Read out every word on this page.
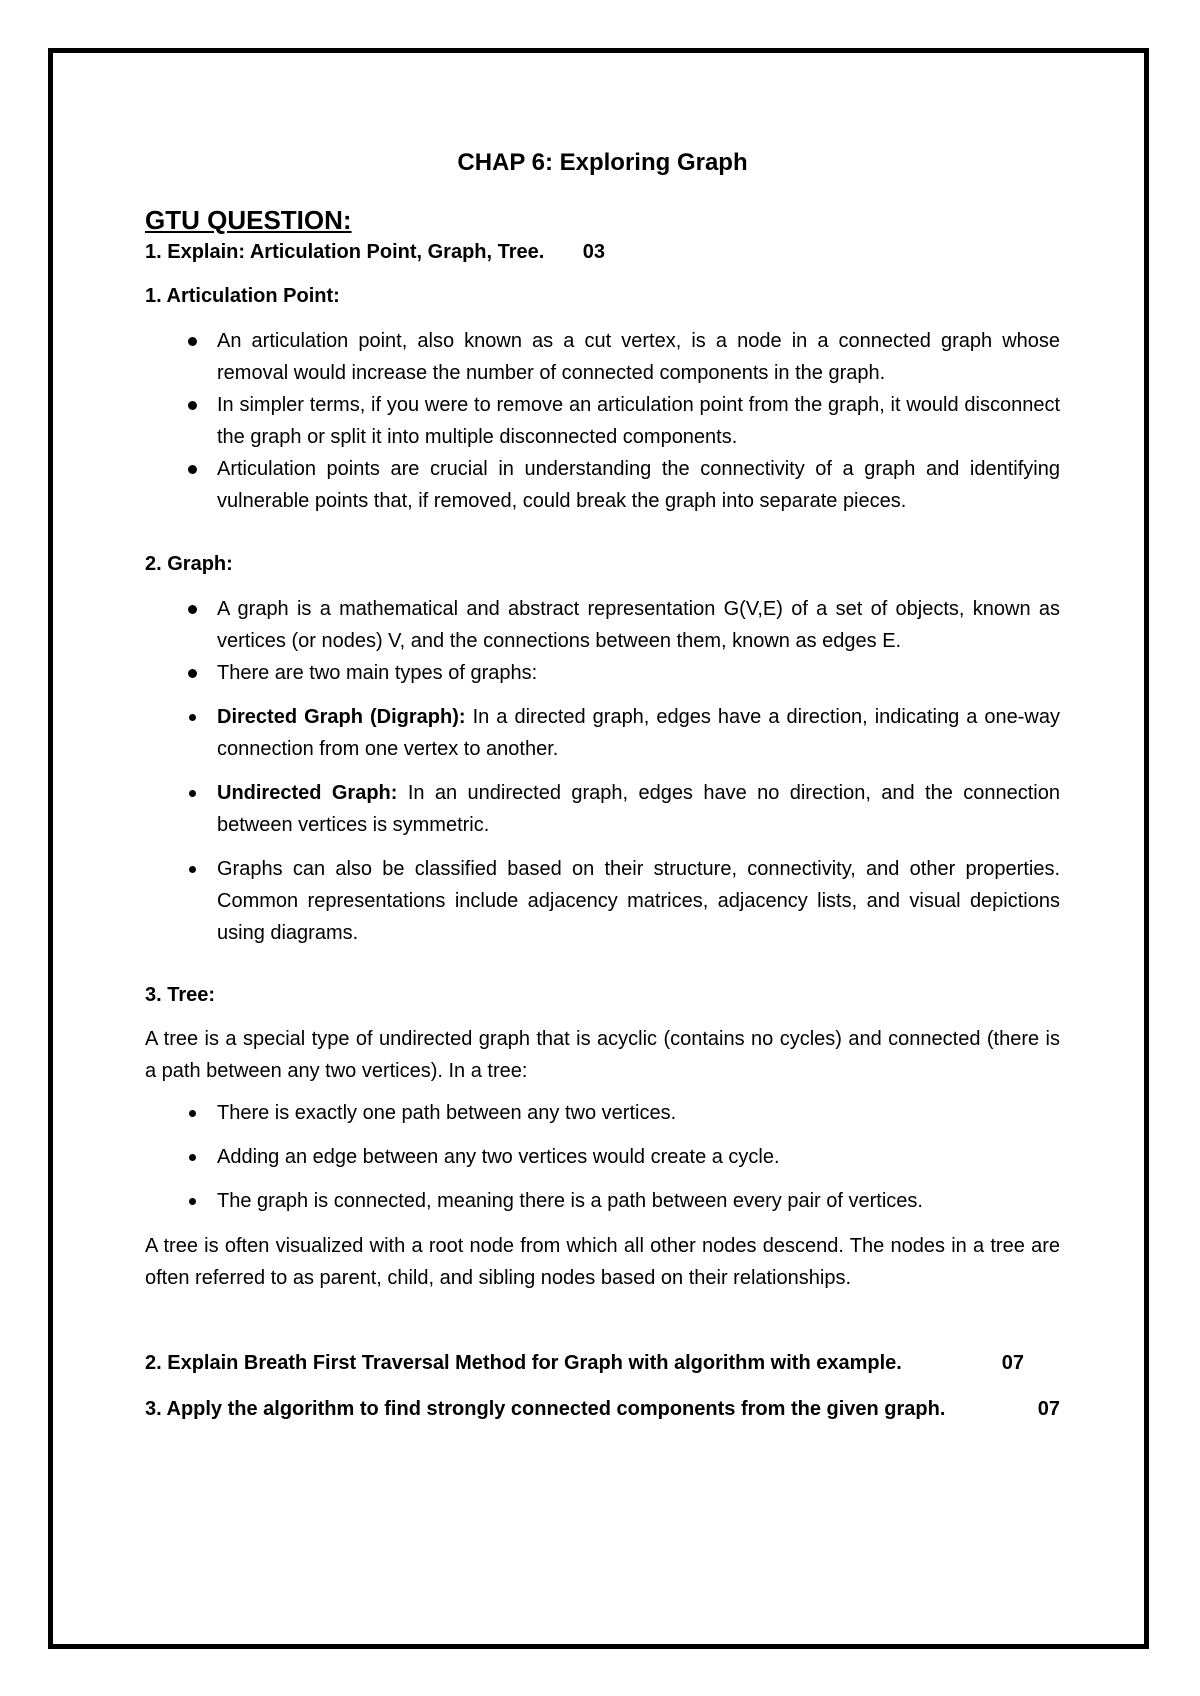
CHAP 6: Exploring Graph
GTU QUESTION:
1. Explain: Articulation Point, Graph, Tree. 03
1. Articulation Point:
An articulation point, also known as a cut vertex, is a node in a connected graph whose removal would increase the number of connected components in the graph.
In simpler terms, if you were to remove an articulation point from the graph, it would disconnect the graph or split it into multiple disconnected components.
Articulation points are crucial in understanding the connectivity of a graph and identifying vulnerable points that, if removed, could break the graph into separate pieces.
2. Graph:
A graph is a mathematical and abstract representation G(V,E) of a set of objects, known as vertices (or nodes) V, and the connections between them, known as edges E.
There are two main types of graphs:
Directed Graph (Digraph): In a directed graph, edges have a direction, indicating a one-way connection from one vertex to another.
Undirected Graph: In an undirected graph, edges have no direction, and the connection between vertices is symmetric.
Graphs can also be classified based on their structure, connectivity, and other properties. Common representations include adjacency matrices, adjacency lists, and visual depictions using diagrams.
3. Tree:
A tree is a special type of undirected graph that is acyclic (contains no cycles) and connected (there is a path between any two vertices). In a tree:
There is exactly one path between any two vertices.
Adding an edge between any two vertices would create a cycle.
The graph is connected, meaning there is a path between every pair of vertices.
A tree is often visualized with a root node from which all other nodes descend. The nodes in a tree are often referred to as parent, child, and sibling nodes based on their relationships.
2. Explain Breath First Traversal Method for Graph with algorithm with example.	07
3. Apply the algorithm to find strongly connected components from the given graph.	07
